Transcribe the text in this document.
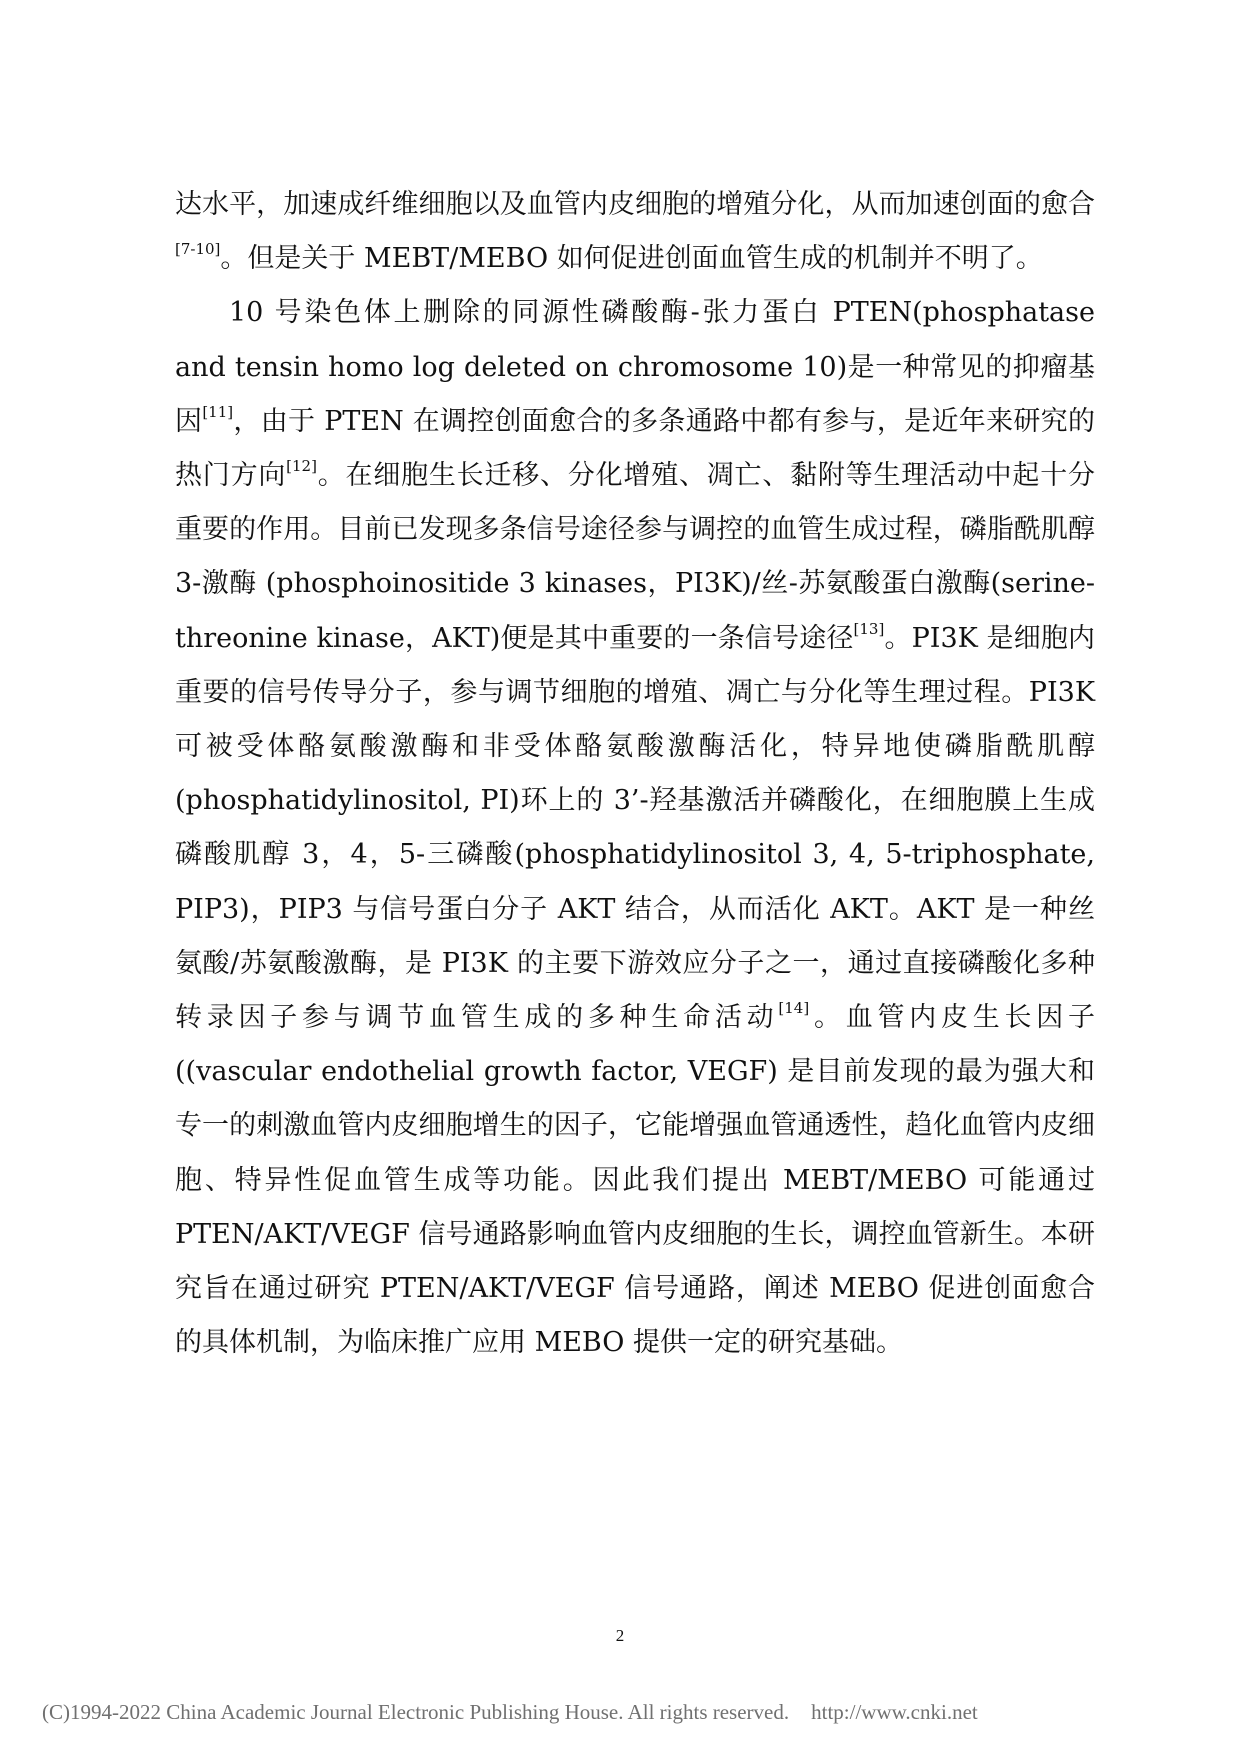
达水平，加速成纤维细胞以及血管内皮细胞的增殖分化，从而加速创面的愈合[7-10]。但是关于 MEBT/MEBO 如何促进创面血管生成的机制并不明了。

10 号染色体上删除的同源性磷酸酶-张力蛋白 PTEN(phosphatase and tensin homo log deleted on chromosome 10)是一种常见的抑瘤基因[11]，由于 PTEN 在调控创面愈合的多条通路中都有参与，是近年来研究的热门方向[12]。在细胞生长迁移、分化增殖、凋亡、黏附等生理活动中起十分重要的作用。目前已发现多条信号途径参与调控的血管生成过程，磷脂酰肌醇 3-激酶 (phosphoinositide 3 kinases，PI3K)/丝-苏氨酸蛋白激酶(serine-threonine kinase，AKT)便是其中重要的一条信号途径[13]。PI3K 是细胞内重要的信号传导分子，参与调节细胞的增殖、凋亡与分化等生理过程。PI3K 可被受体酪氨酸激酶和非受体酪氨酸激酶活化，特异地使磷脂酰肌醇(phosphatidylinositol, PI)环上的 3’-羟基激活并磷酸化，在细胞膜上生成磷酸肌醇 3，4，5-三磷酸(phosphatidylinositol 3, 4, 5-triphosphate, PIP3)，PIP3 与信号蛋白分子 AKT 结合，从而活化 AKT。AKT 是一种丝氨酸/苏氨酸激酶，是 PI3K 的主要下游效应分子之一，通过直接磷酸化多种转录因子参与调节血管生成的多种生命活动[14]。血管内皮生长因子((vascular endothelial growth factor, VEGF) 是目前发现的最为强大和专一的刺激血管内皮细胞增生的因子，它能增强血管通透性，趋化血管内皮细胞、特异性促血管生成等功能。因此我们提出 MEBT/MEBO 可能通过 PTEN/AKT/VEGF 信号通路影响血管内皮细胞的生长，调控血管新生。本研究旨在通过研究 PTEN/AKT/VEGF 信号通路，阐述 MEBO 促进创面愈合的具体机制，为临床推广应用 MEBO 提供一定的研究基础。

2
(C)1994-2022 China Academic Journal Electronic Publishing House. All rights reserved. http://www.cnki.net
